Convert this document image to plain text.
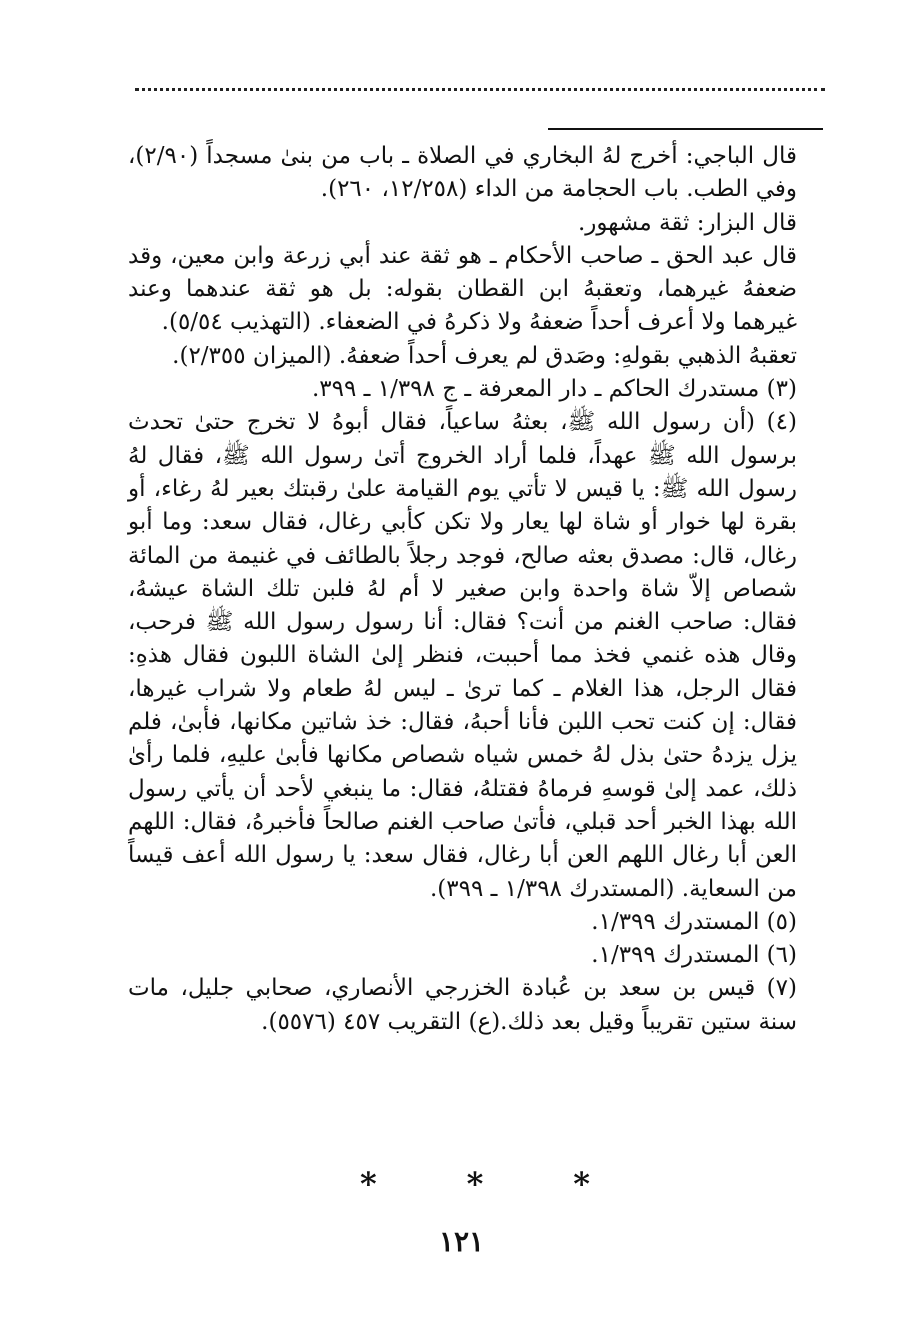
قال الباجي: أخرج لهُ البخاري في الصلاة ـ باب من بنىٰ مسجداً (٢/٩٠)، وفي الطب. باب الحجامة من الداء (١٢/٢٥٨، ٢٦٠).

قال البزار: ثقة مشهور.

قال عبد الحق ـ صاحب الأحكام ـ هو ثقة عند أبي زرعة وابن معين، وقد ضعفهُ غيرهما، وتعقبهُ ابن القطان بقوله: بل هو ثقة عندهما وعند غيرهما ولا أعرف أحداً ضعفهُ ولا ذكرهُ في الضعفاء. (التهذيب ٥/٥٤).

تعقبهُ الذهبي بقولهِ: وصَدق لم يعرف أحداً ضعفهُ. (الميزان ٢/٣٥٥).

(٣) مستدرك الحاكم ـ دار المعرفة ـ ج ١/٣٩٨ ـ ٣٩٩.

(٤) (أن رسول الله ﷺ، بعثهُ ساعياً، فقال أبوهُ لا تخرج حتىٰ تحدث برسول الله ﷺ عهداً، فلما أراد الخروج أتىٰ رسول الله ﷺ، فقال لهُ رسول الله ﷺ: يا قيس لا تأتي يوم القيامة علىٰ رقبتك بعير لهُ رغاء، أو بقرة لها خوار أو شاة لها يعار ولا تكن كأبي رغال، فقال سعد: وما أبو رغال، قال: مصدق بعثه صالح، فوجد رجلاً بالطائف في غنيمة من المائة شصاص إلاّ شاة واحدة وابن صغير لا أم لهُ فلبن تلك الشاة عيشهُ، فقال: صاحب الغنم من أنت؟ فقال: أنا رسول رسول الله ﷺ فرحب، وقال هذه غنمي فخذ مما أحببت، فنظر إلىٰ الشاة اللبون فقال هذهِ: فقال الرجل، هذا الغلام ـ كما ترىٰ ـ ليس لهُ طعام ولا شراب غيرها، فقال: إن كنت تحب اللبن فأنا أحبهُ، فقال: خذ شاتين مكانها، فأبىٰ، فلم يزل يزدهُ حتىٰ بذل لهُ خمس شياه شصاص مكانها فأبىٰ عليهِ، فلما رأىٰ ذلك، عمد إلىٰ قوسهِ فرماهُ فقتلهُ، فقال: ما ينبغي لأحد أن يأتي رسول الله بهذا الخبر أحد قبلي، فأتىٰ صاحب الغنم صالحاً فأخبرهُ، فقال: اللهم العن أبا رغال اللهم العن أبا رغال، فقال سعد: يا رسول الله أعف قيساً من السعاية. (المستدرك ١/٣٩٨ ـ ٣٩٩).

(٥) المستدرك ١/٣٩٩.

(٦) المستدرك ١/٣٩٩.

(٧) قيس بن سعد بن عُبادة الخزرجي الأنصاري، صحابي جليل، مات سنة ستين تقريباً وقيل بعد ذلك.(ع) التقريب ٤٥٧ (٥٥٧٦).

*	*	*
١٢١
